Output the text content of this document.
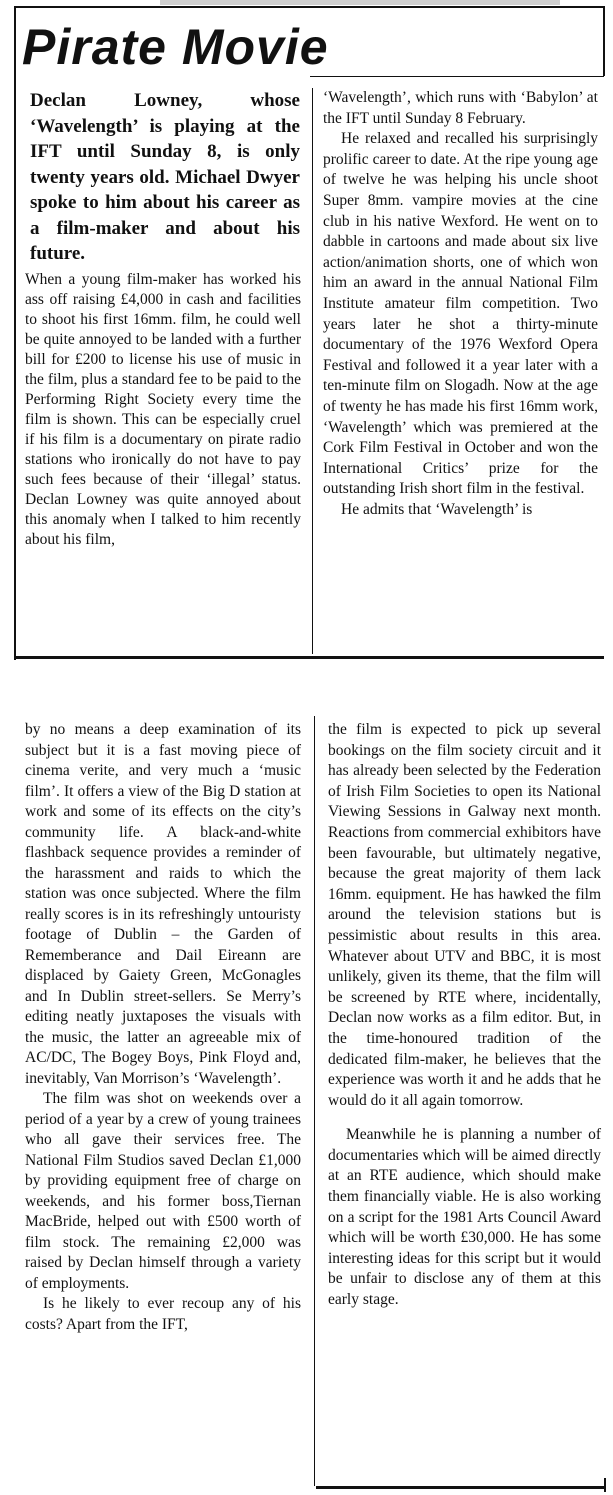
Pirate Movie

Declan Lowney, whose ‘Wavelength’ is playing at the IFT until Sunday 8, is only twenty years old. Michael Dwyer spoke to him about his career as a film-maker and about his future.

When a young film-maker has worked his ass off raising £4,000 in cash and facilities to shoot his first 16mm. film, he could well be quite annoyed to be landed with a further bill for £200 to license his use of music in the film, plus a standard fee to be paid to the Performing Right Society every time the film is shown. This can be especially cruel if his film is a documentary on pirate radio stations who ironically do not have to pay such fees because of their ‘illegal’ status. Declan Lowney was quite annoyed about this anomaly when I talked to him recently about his film,

‘Wavelength’, which runs with ‘Babylon’ at the IFT until Sunday 8 February.

He relaxed and recalled his surprisingly prolific career to date. At the ripe young age of twelve he was helping his uncle shoot Super 8mm. vampire movies at the cine club in his native Wexford. He went on to dabble in cartoons and made about six live action/animation shorts, one of which won him an award in the annual National Film Institute amateur film competition. Two years later he shot a thirty-minute documentary of the 1976 Wexford Opera Festival and followed it a year later with a ten-minute film on Slogadh. Now at the age of twenty he has made his first 16mm work, ‘Wavelength’ which was premiered at the Cork Film Festival in October and won the International Critics’ prize for the outstanding Irish short film in the festival.

He admits that ‘Wavelength’ is

by no means a deep examination of its subject but it is a fast moving piece of cinema verite, and very much a ‘music film’. It offers a view of the Big D station at work and some of its effects on the city’s community life. A black-and-white flashback sequence provides a reminder of the harassment and raids to which the station was once subjected. Where the film really scores is in its refreshingly untouristy footage of Dublin – the Garden of Rememberance and Dail Eireann are displaced by Gaiety Green, McGonagles and In Dublin street-sellers. Se Merry’s editing neatly juxtaposes the visuals with the music, the latter an agreeable mix of AC/DC, The Bogey Boys, Pink Floyd and, inevitably, Van Morrison’s ‘Wavelength’.

The film was shot on weekends over a period of a year by a crew of young trainees who all gave their services free. The National Film Studios saved Declan £1,000 by providing equipment free of charge on weekends, and his former boss,Tiernan MacBride, helped out with £500 worth of film stock. The remaining £2,000 was raised by Declan himself through a variety of employments.

Is he likely to ever recoup any of his costs? Apart from the IFT,

the film is expected to pick up several bookings on the film society circuit and it has already been selected by the Federation of Irish Film Societies to open its National Viewing Sessions in Galway next month. Reactions from commercial exhibitors have been favourable, but ultimately negative, because the great majority of them lack 16mm. equipment. He has hawked the film around the television stations but is pessimistic about results in this area. Whatever about UTV and BBC, it is most unlikely, given its theme, that the film will be screened by RTE where, incidentally, Declan now works as a film editor. But, in the time-honoured tradition of the dedicated film-maker, he believes that the experience was worth it and he adds that he would do it all again tomorrow.

Meanwhile he is planning a number of documentaries which will be aimed directly at an RTE audience, which should make them financially viable. He is also working on a script for the 1981 Arts Council Award which will be worth £30,000. He has some interesting ideas for this script but it would be unfair to disclose any of them at this early stage.
